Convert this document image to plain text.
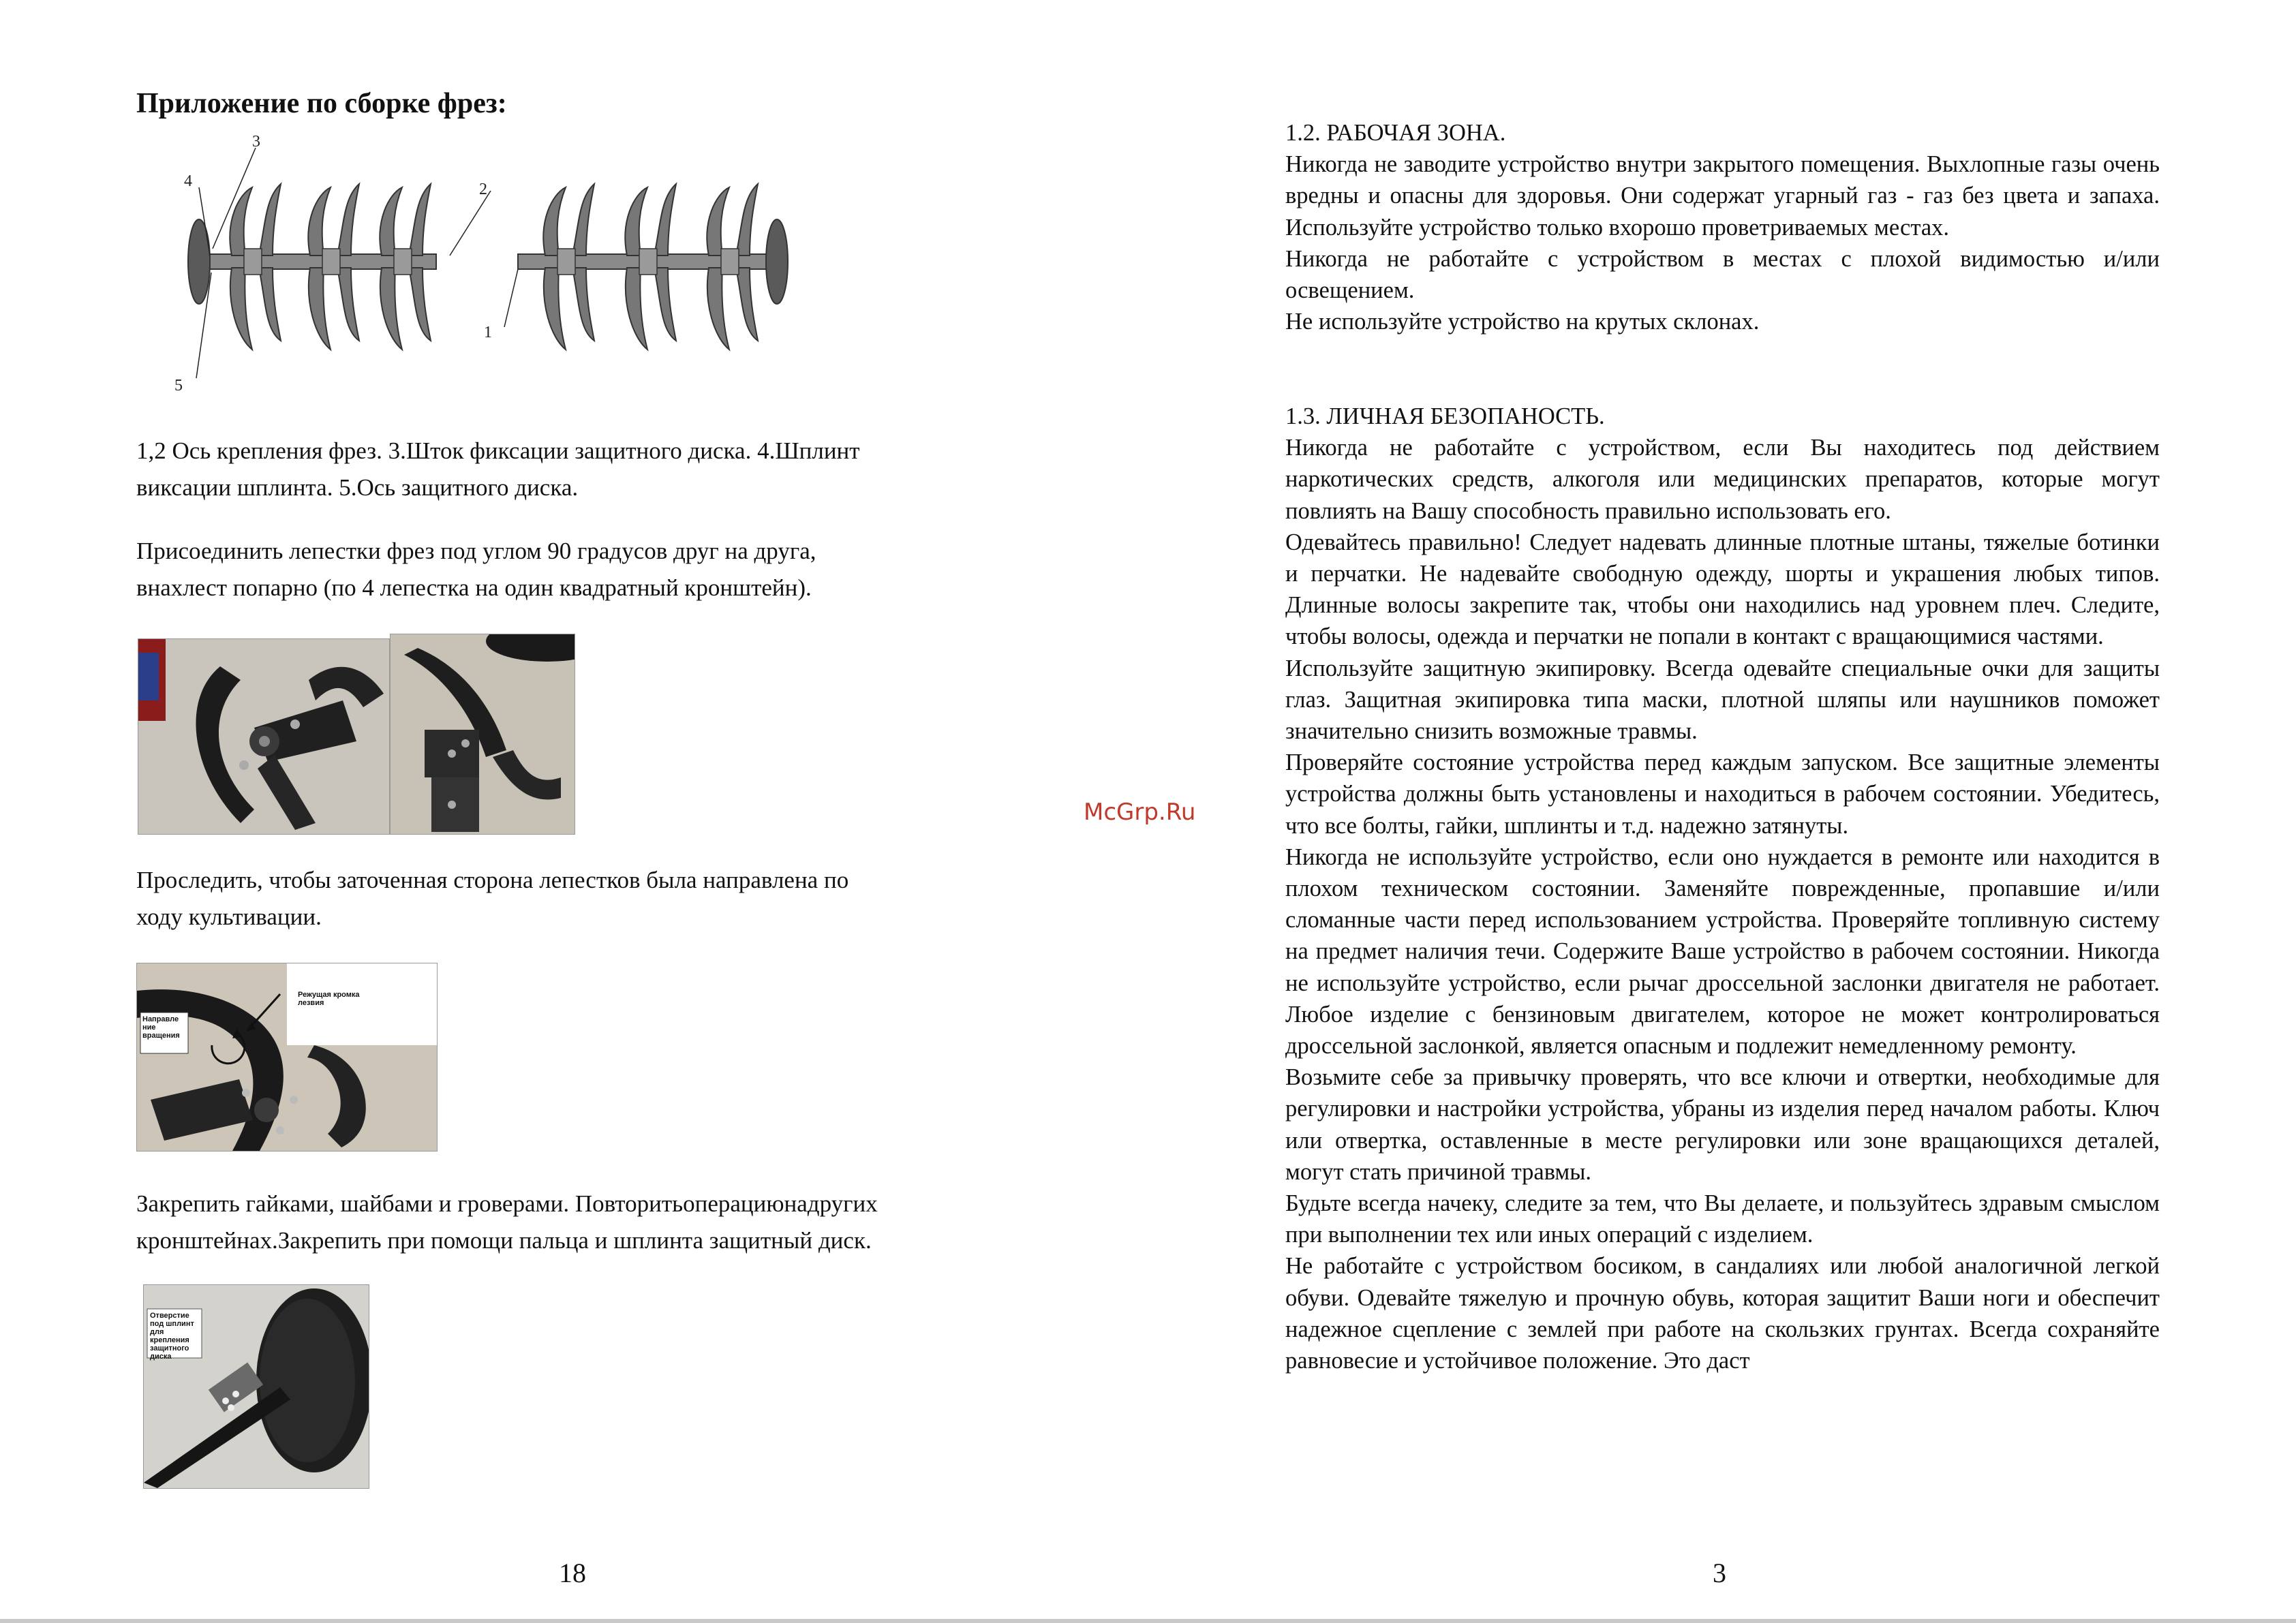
McGrp.Ru
Приложение по сборке фрез:
3
4
5
2
1
1,2 Ось крепления фрез. 3.Шток фиксации защитного диска. 4.Шплинт
виксации шплинта. 5.Ось защитного диска.
Присоединить лепестки фрез под углом 90 градусов друг на друга,
внахлест попарно (по 4 лепестка на один квадратный кронштейн).
Проследить, чтобы заточенная сторона лепестков была направлена по
ходу культивации.
Направле ние вращения
Режущая кромка лезвия
Закрепить гайками, шайбами и гроверами. Повторитьоперациюнадругих
кронштейнах.Закрепить при помощи пальца и шплинта защитный диск.
Отверстие под шплинт для крепления защитного диска
18

1.2. РАБОЧАЯ ЗОНА.

Никогда не заводите устройство внутри закрытого помещения. Выхлопные газы очень вредны и опасны для здоровья. Они содержат угарный газ - газ без цвета и запаха. Используйте устройство только вхорошо проветриваемых местах.

Никогда не работайте с устройством в местах с плохой видимостью и/или освещением.

Не используйте устройство на крутых склонах.

1.3. ЛИЧНАЯ БЕЗОПАНОСТЬ.

Никогда не работайте с устройством, если Вы находитесь под действием наркотических средств, алкоголя или медицинских препаратов, которые могут повлиять на Вашу способность правильно использовать его.

Одевайтесь правильно! Следует надевать длинные плотные штаны, тяжелые ботинки и перчатки. Не надевайте свободную одежду, шорты и украшения любых типов. Длинные волосы закрепите так, чтобы они находились над уровнем плеч. Следите, чтобы волосы, одежда и перчатки не попали в контакт с вращающимися частями.

Используйте защитную экипировку. Всегда одевайте специальные очки для защиты глаз. Защитная экипировка типа маски, плотной шляпы или наушников поможет значительно снизить возможные травмы.

Проверяйте состояние устройства перед каждым запуском. Все защитные элементы устройства должны быть установлены и находиться в рабочем состоянии. Убедитесь, что все болты, гайки, шплинты и т.д. надежно затянуты.

Никогда не используйте устройство, если оно нуждается в ремонте или находится в плохом техническом состоянии. Заменяйте поврежденные, пропавшие и/или сломанные части перед использованием устройства. Проверяйте топливную систему на предмет наличия течи. Содержите Ваше устройство в рабочем состоянии. Никогда не используйте устройство, если рычаг дроссельной заслонки двигателя не работает. Любое изделие с бензиновым двигателем, которое не может контролироваться дроссельной заслонкой, является опасным и подлежит немедленному ремонту.

Возьмите себе за привычку проверять, что все ключи и отвертки, необходимые для регулировки и настройки устройства, убраны из изделия перед началом работы. Ключ или отвертка, оставленные в месте регулировки или зоне вращающихся деталей, могут стать причиной травмы.

Будьте всегда начеку, следите за тем, что Вы делаете, и пользуйтесь здравым смыслом при выполнении тех или иных операций с изделием.

Не работайте с устройством босиком, в сандалиях или любой аналогичной легкой обуви. Одевайте тяжелую и прочную обувь, которая защитит Ваши ноги и обеспечит надежное сцепление с землей при работе на скользких грунтах. Всегда сохраняйте равновесие и устойчивое положение. Это даст

3
